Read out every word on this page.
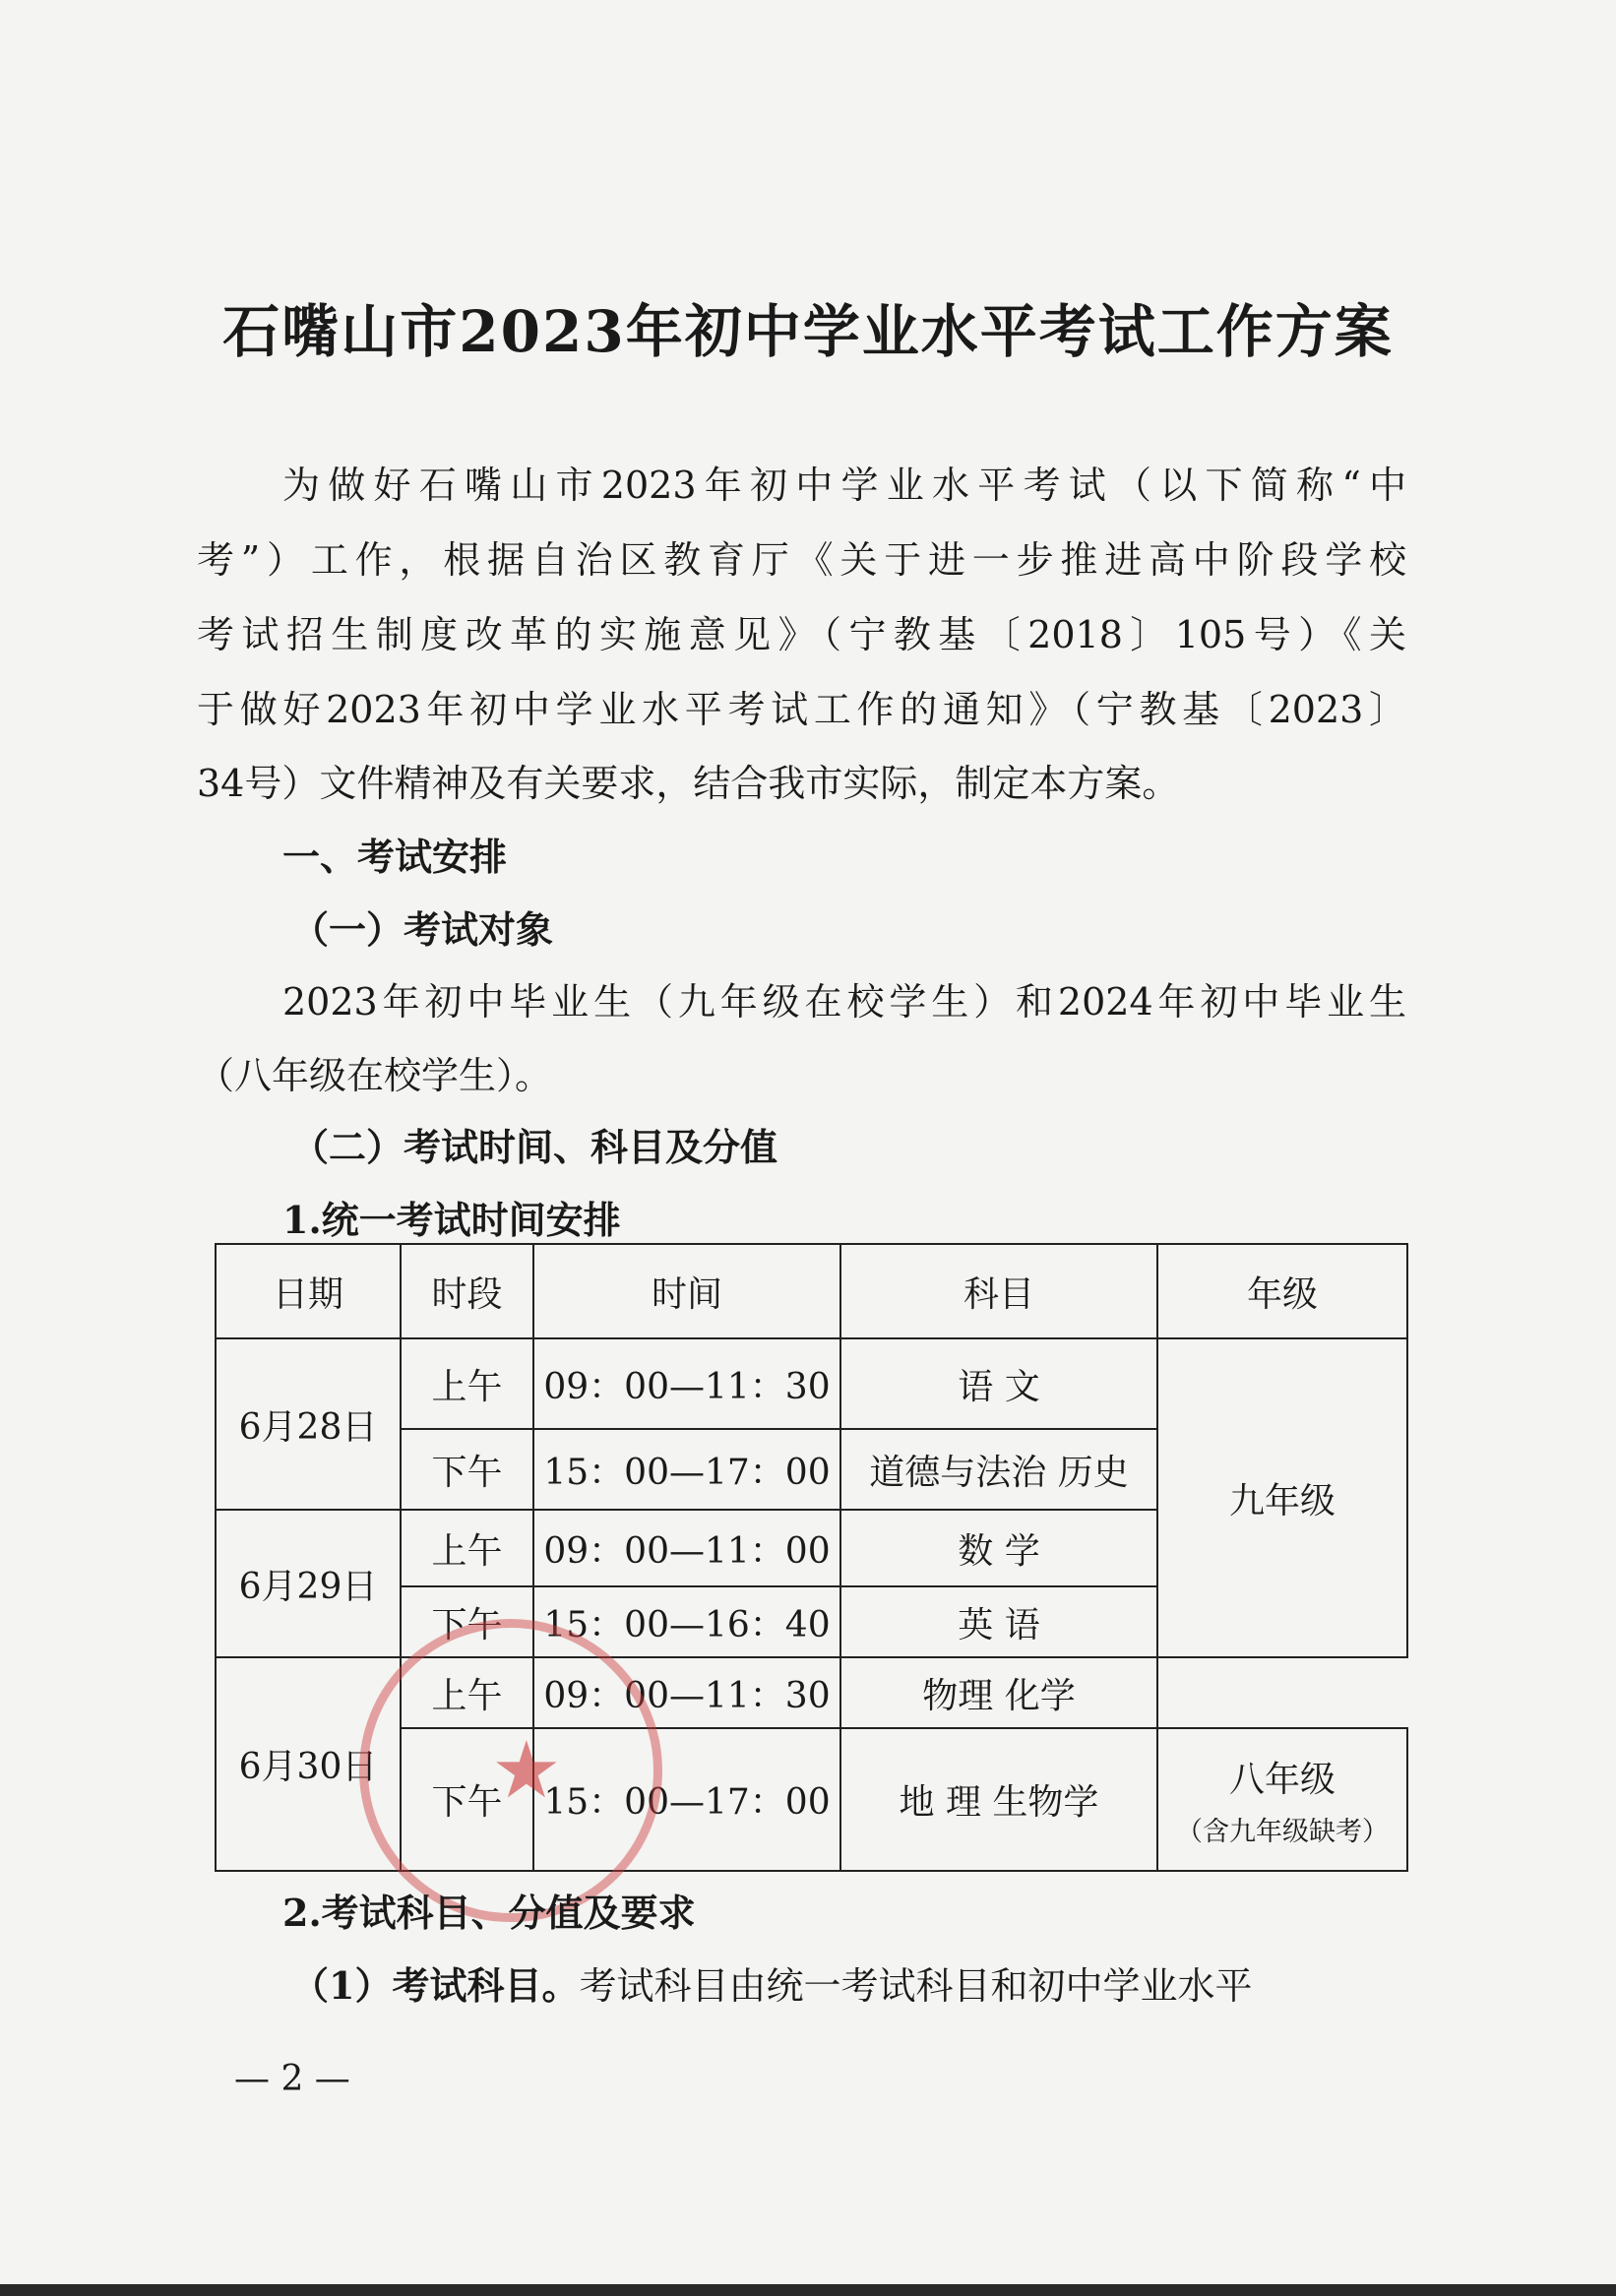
石嘴山市2023年初中学业水平考试工作方案
为做好石嘴山市2023年初中学业水平考试（以下简称“中
考”）工作，根据自治区教育厅《关于进一步推进高中阶段学校
考试招生制度改革的实施意见》（宁教基〔2018〕105号）《关
于做好2023年初中学业水平考试工作的通知》（宁教基〔2023〕
34号）文件精神及有关要求，结合我市实际，制定本方案。
一、考试安排
（一）考试对象
2023年初中毕业生（九年级在校学生）和2024年初中毕业生
（八年级在校学生）。
（二）考试时间、科目及分值
1.统一考试时间安排
日期	时段	时间	科目	年级
6月28日	上午	09：00—11：30	语 文	九年级
	下午	15：00—17：00	道德与法治 历史	
6月29日	上午	09：00—11：00	数 学	
	下午	15：00—16：40	英 语	
6月30日	上午	09：00—11：30	物理 化学	
	下午	15：00—17：00	地 理 生物学	八年级
（含九年级缺考）
★
2.考试科目、分值及要求
（1）考试科目。考试科目由统一考试科目和初中学业水平
— 2 —
